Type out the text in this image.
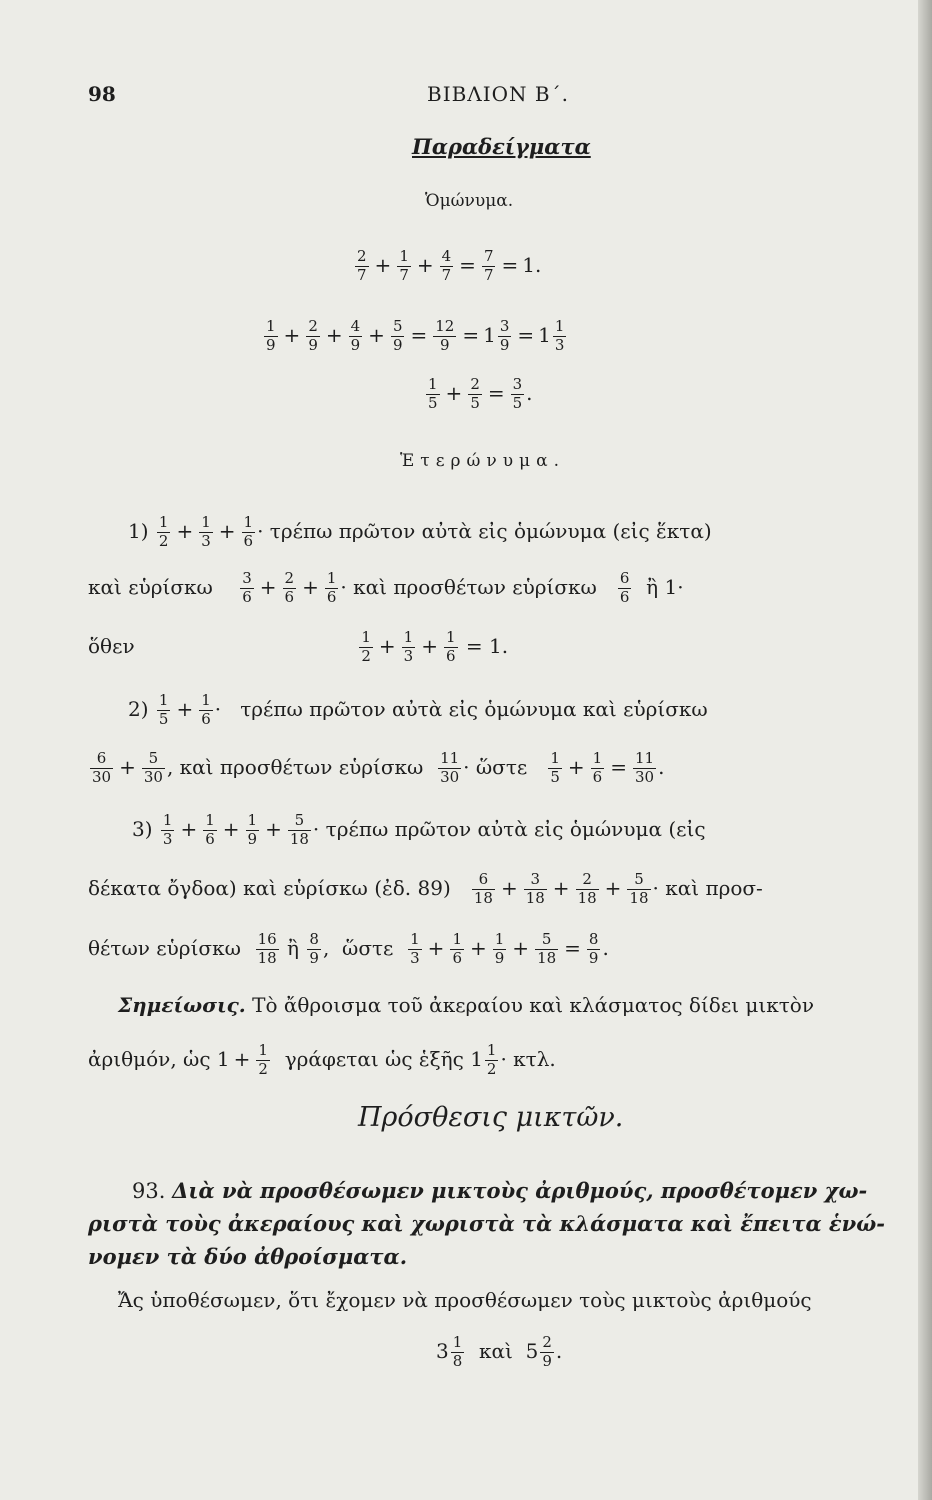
98	ΒΙΒΛΙΟΝ Β΄.
Παραδείγματα
Ὁμώνυμα.
$\frac{2}{7} + \frac{1}{7} + \frac{4}{7} = \frac{7}{7} = 1$.
$\frac{1}{9} + \frac{2}{9} + \frac{4}{9} + \frac{5}{9} = \frac{12}{9} = 1 \frac{3}{9} = 1 \frac{1}{3}$
$\frac{1}{5} + \frac{2}{5} = \frac{3}{5}$ .
Ἑτερώνυμα.
$1) \frac{1}{2} + \frac{1}{3} + \frac{1}{6} \cdot \tau\rho έ\pi\omega$ πρῶτον αὐτὰ εἰς ὁμώνυμα (εἰς ἕκτα)
καὶ εὑρίσκω $\frac{3}{6} + \frac{2}{6} + \frac{1}{6}$ · καὶ προσθέτων εὑρίσκω $\frac{6}{6}$ ἢ 1·
ὅθεν	$\frac{1}{2} + \frac{1}{3} + \frac{1}{6} = 1$.
$2) \frac{1}{5} + \frac{1}{6} \cdot \tau\rho έ\pi\omega$ πρῶτον αὐτὰ εἰς ὁμώνυμα καὶ εὑρίσκω
$\frac{6}{30} + \frac{5}{30}$ , καὶ προσθέτων εὑρίσκω $\frac{11}{30}$ · ὥστε $\frac{1}{5} + \frac{1}{6} = \frac{11}{30}$ .
$3) \frac{1}{3} + \frac{1}{6} + \frac{1}{9} + \frac{5}{18} \cdot \tau\rho έ\pi\omega$ πρῶτον αὐτὰ εἰς ὁμώνυμα (εἰς
δέκατα ὄγδοα) καὶ εὑρίσκω (ἐδ. $89) \frac{6}{18} + \frac{3}{18} + \frac{2}{18} + \frac{5}{18}$ · καὶ προσ-
θέτων εὑρίσκω $\frac{16}{18}$ ἢ $\frac{8}{9}$ ,  ὥστε $\frac{1}{3} + \frac{1}{6} + \frac{1}{9} + \frac{5}{18} = \frac{8}{9}$ .
Σημείωσις. Τὸ ἄθροισμα τοῦ ἀκεραίου καὶ κλάσματος δίδει μικτὸν
ἀριθμόν, ὡς $1 + \frac{1}{2}$ γράφεται ὡς ἑξῆς $1 \frac{1}{2} \cdot \kappa\tau\lambda$.
Πρόσθεσις μικτῶν.
93. Διὰ νὰ προσθέσωμεν μικτοὺς ἀριθμούς, προσθέτομεν χω-
ριστὰ τοὺς ἀκεραίους καὶ χωριστὰ τὰ κλάσματα καὶ ἔπειτα ἑνώ-
νομεν τὰ δύο ἀθροίσματα.
Ἄς ὑποθέσωμεν, ὅτι ἔχομεν νὰ προσθέσωμεν τοὺς μικτοὺς ἀριθμούς
$3 \frac{1}{8}$ καὶ $5 \frac{2}{9}$ .
